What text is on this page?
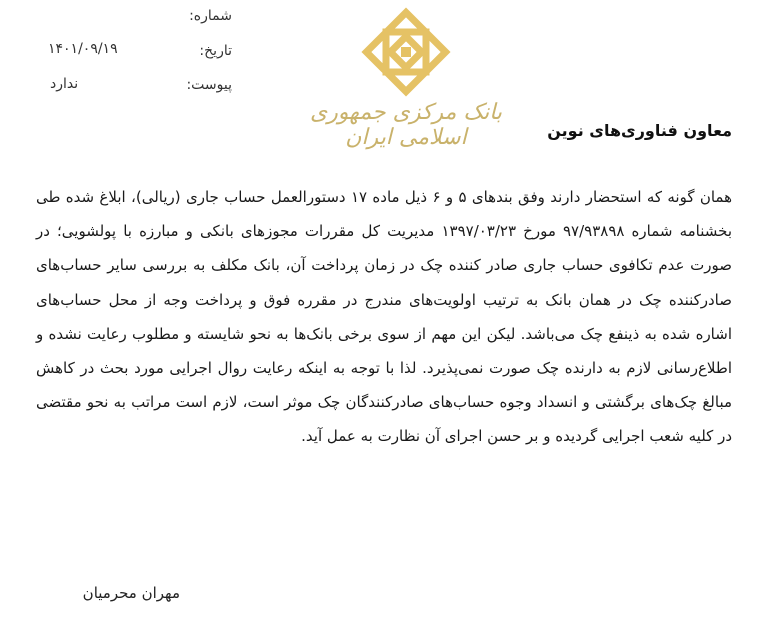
شماره:
تاریخ:
۱۴۰۱/۰۹/۱۹
پیوست:
ندارد
بانک مرکزی جمهوری اسلامی ایران	معاون فناوری‌های نوین
همان گونه که استحضار دارند وفق بندهای ۵ و ۶ ذیل ماده ۱۷ دستورالعمل حساب جاری (ریالی)، ابلاغ شده طی بخشنامه شماره ۹۷/۹۳۸۹۸ مورخ ۱۳۹۷/۰۳/۲۳ مدیریت کل مقررات مجوزهای بانکی و مبارزه با پولشویی؛ در صورت عدم تکافوی حساب جاری صادر کننده چک در زمان پرداخت آن، بانک مکلف به بررسی سایر حساب‌های صادرکننده چک در همان بانک به ترتیب اولویت‌های مندرج در مقرره فوق و پرداخت وجه از محل حساب‌های اشاره شده به ذینفع چک می‌باشد. لیکن این مهم از سوی برخی بانک‌ها به نحو شایسته و مطلوب رعایت نشده و اطلاع‌رسانی لازم به دارنده چک صورت نمی‌پذیرد. لذا با توجه به اینکه رعایت روال اجرایی مورد بحث در کاهش مبالغ چک‌های برگشتی و انسداد وجوه حساب‌های صادرکنندگان چک موثر است، لازم است مراتب به نحو مقتضی در کلیه شعب اجرایی گردیده و بر حسن اجرای آن نظارت به عمل آید.
مهران محرمیان
